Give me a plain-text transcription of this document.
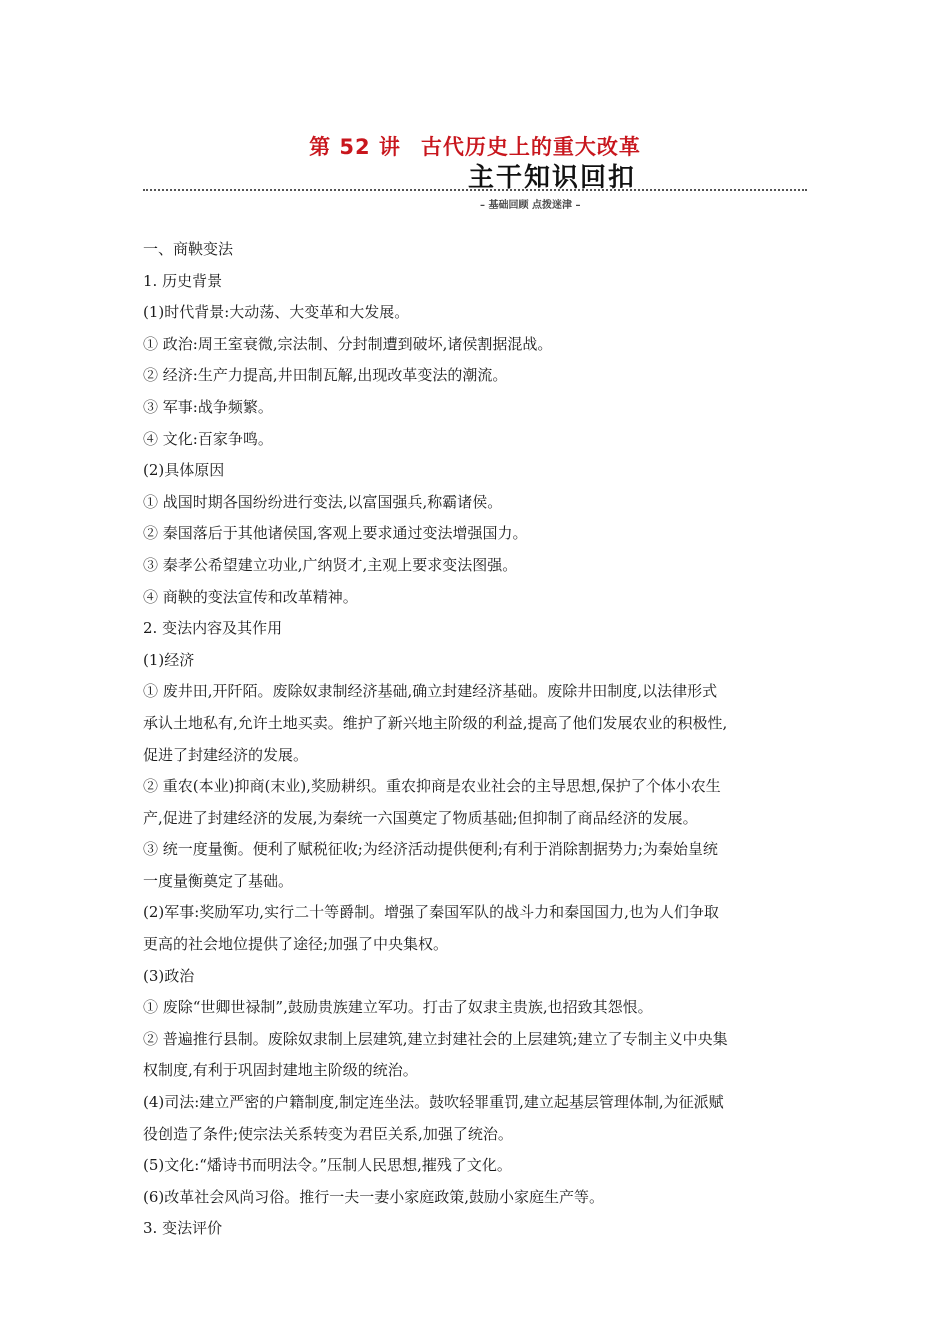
第 52 讲 古代历史上的重大改革
主干知识回扣
– 基础回顾 点拨迷津 –

一、商鞅变法

1. 历史背景

(1)时代背景:大动荡、大变革和大发展。

① 政治:周王室衰微,宗法制、分封制遭到破坏,诸侯割据混战。

② 经济:生产力提高,井田制瓦解,出现改革变法的潮流。

③ 军事:战争频繁。

④ 文化:百家争鸣。

(2)具体原因

① 战国时期各国纷纷进行变法,以富国强兵,称霸诸侯。

② 秦国落后于其他诸侯国,客观上要求通过变法增强国力。

③ 秦孝公希望建立功业,广纳贤才,主观上要求变法图强。

④ 商鞅的变法宣传和改革精神。

2. 变法内容及其作用

(1)经济

① 废井田,开阡陌。废除奴隶制经济基础,确立封建经济基础。废除井田制度,以法律形式

承认土地私有,允许土地买卖。维护了新兴地主阶级的利益,提高了他们发展农业的积极性,

促进了封建经济的发展。

② 重农(本业)抑商(末业),奖励耕织。重农抑商是农业社会的主导思想,保护了个体小农生

产,促进了封建经济的发展,为秦统一六国奠定了物质基础;但抑制了商品经济的发展。

③ 统一度量衡。便利了赋税征收;为经济活动提供便利;有利于消除割据势力;为秦始皇统

一度量衡奠定了基础。

(2)军事:奖励军功,实行二十等爵制。增强了秦国军队的战斗力和秦国国力,也为人们争取

更高的社会地位提供了途径;加强了中央集权。

(3)政治

① 废除“世卿世禄制”,鼓励贵族建立军功。打击了奴隶主贵族,也招致其怨恨。

② 普遍推行县制。废除奴隶制上层建筑,建立封建社会的上层建筑;建立了专制主义中央集

权制度,有利于巩固封建地主阶级的统治。

(4)司法:建立严密的户籍制度,制定连坐法。鼓吹轻罪重罚,建立起基层管理体制,为征派赋

役创造了条件;使宗法关系转变为君臣关系,加强了统治。

(5)文化:“燔诗书而明法令。”压制人民思想,摧残了文化。

(6)改革社会风尚习俗。推行一夫一妻小家庭政策,鼓励小家庭生产等。

3. 变法评价
